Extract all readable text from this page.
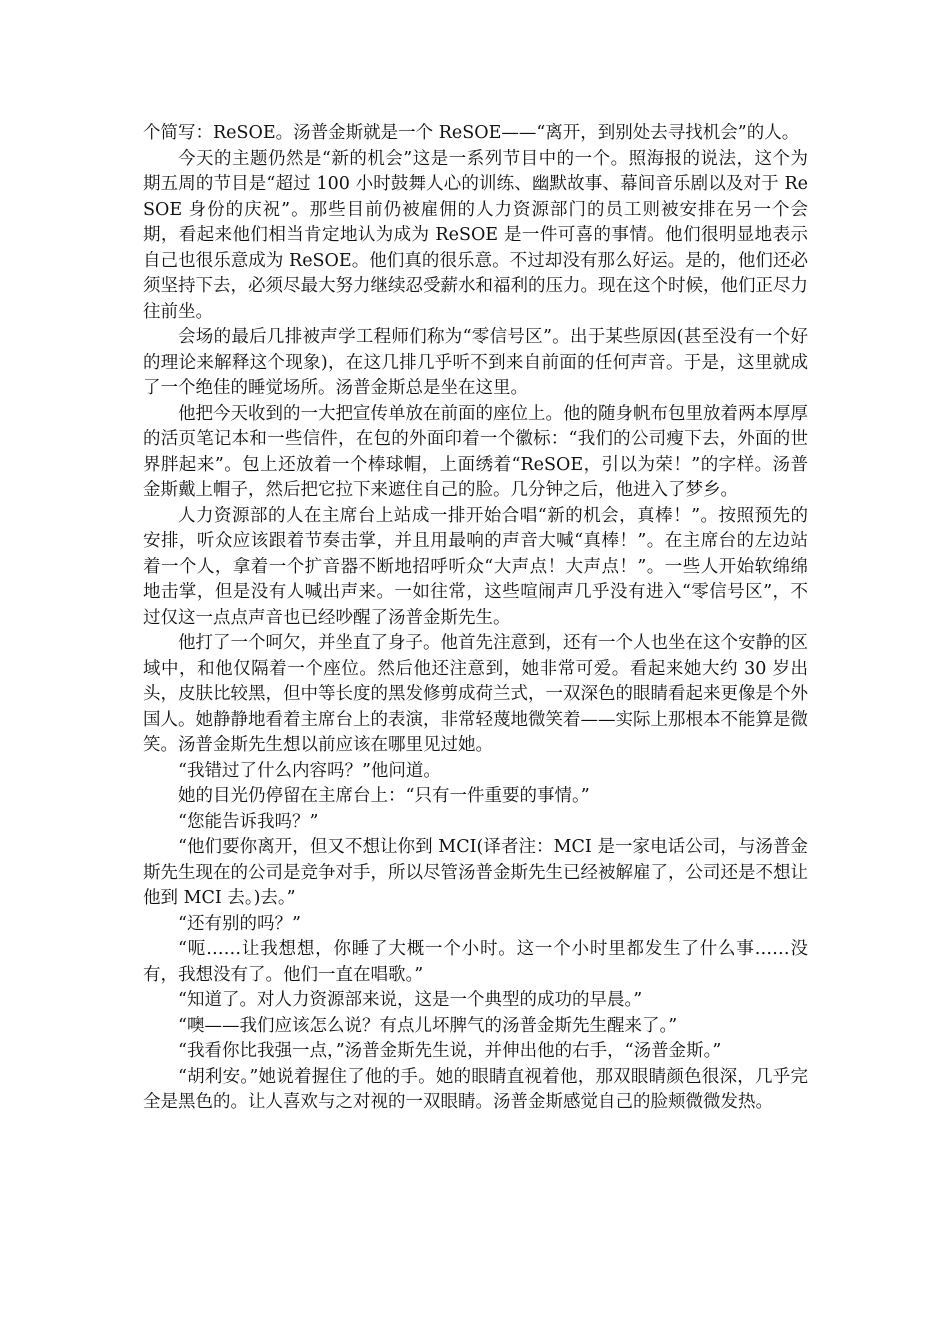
个简写：ReSOE。汤普金斯就是一个 ReSOE——“离开，到别处去寻找机会”的人。

今天的主题仍然是“新的机会”这是一系列节目中的一个。照海报的说法，这个为期五周的节目是“超过 100 小时鼓舞人心的训练、幽默故事、幕间音乐剧以及对于 ReSOE 身份的庆祝”。那些目前仍被雇佣的人力资源部门的员工则被安排在另一个会期，看起来他们相当肯定地认为成为 ReSOE 是一件可喜的事情。他们很明显地表示自己也很乐意成为 ReSOE。他们真的很乐意。不过却没有那么好运。是的，他们还必须坚持下去，必须尽最大努力继续忍受薪水和福利的压力。现在这个时候，他们正尽力往前坐。

会场的最后几排被声学工程师们称为“零信号区”。出于某些原因(甚至没有一个好的理论来解释这个现象)，在这几排几乎听不到来自前面的任何声音。于是，这里就成了一个绝佳的睡觉场所。汤普金斯总是坐在这里。

他把今天收到的一大把宣传单放在前面的座位上。他的随身帆布包里放着两本厚厚的活页笔记本和一些信件，在包的外面印着一个徽标：“我们的公司瘦下去，外面的世界胖起来”。包上还放着一个棒球帽，上面绣着“ReSOE，引以为荣！”的字样。汤普金斯戴上帽子，然后把它拉下来遮住自己的脸。几分钟之后，他进入了梦乡。

人力资源部的人在主席台上站成一排开始合唱“新的机会，真棒！”。按照预先的安排，听众应该跟着节奏击掌，并且用最响的声音大喊“真棒！”。在主席台的左边站着一个人，拿着一个扩音器不断地招呼听众“大声点！大声点！”。一些人开始软绵绵地击掌，但是没有人喊出声来。一如往常，这些喧闹声几乎没有进入“零信号区”，不过仅这一点点声音也已经吵醒了汤普金斯先生。

他打了一个呵欠，并坐直了身子。他首先注意到，还有一个人也坐在这个安静的区域中，和他仅隔着一个座位。然后他还注意到，她非常可爱。看起来她大约 30 岁出头，皮肤比较黑，但中等长度的黑发修剪成荷兰式，一双深色的眼睛看起来更像是个外国人。她静静地看着主席台上的表演，非常轻蔑地微笑着——实际上那根本不能算是微笑。汤普金斯先生想以前应该在哪里见过她。

“我错过了什么内容吗？”他问道。

她的目光仍停留在主席台上：“只有一件重要的事情。”

“您能告诉我吗？”

“他们要你离开，但又不想让你到 MCI(译者注：MCI 是一家电话公司，与汤普金斯先生现在的公司是竞争对手，所以尽管汤普金斯先生已经被解雇了，公司还是不想让他到 MCI 去。)去。”

“还有别的吗？”

“呃……让我想想，你睡了大概一个小时。这一个小时里都发生了什么事……没有，我想没有了。他们一直在唱歌。”

“知道了。对人力资源部来说，这是一个典型的成功的早晨。”

“噢——我们应该怎么说？有点儿坏脾气的汤普金斯先生醒来了。”

“我看你比我强一点，”汤普金斯先生说，并伸出他的右手，“汤普金斯。”

“胡利安。”她说着握住了他的手。她的眼睛直视着他，那双眼睛颜色很深，几乎完全是黑色的。让人喜欢与之对视的一双眼睛。汤普金斯感觉自己的脸颊微微发热。
